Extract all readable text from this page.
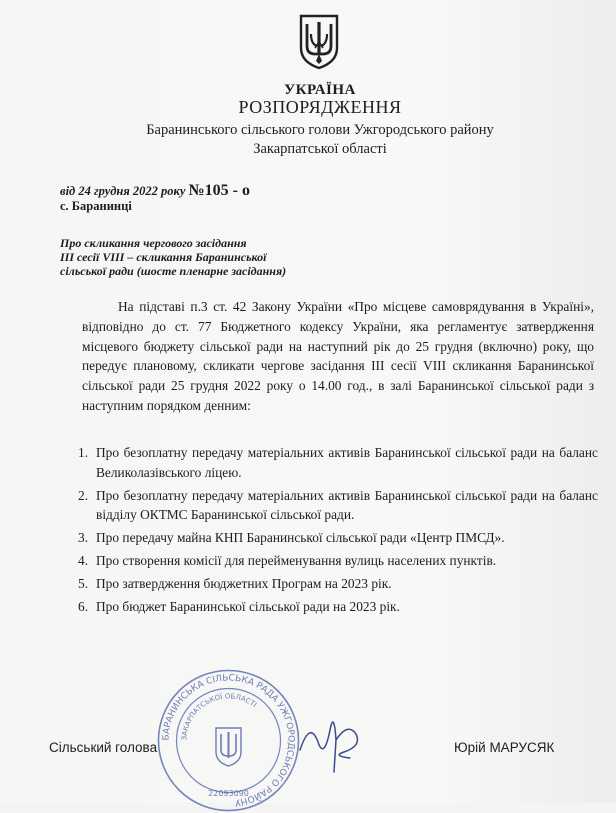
УКРАЇНА
РОЗПОРЯДЖЕННЯ
Баранинського сільського голови Ужгородського району
Закарпатської області
від 24 грудня 2022 року №105 - о
с. Баранинці
Про скликання чергового засідання
ІІІ сесії VІІІ – скликання Баранинської
сільської ради (шосте пленарне засідання)
На підставі п.3 ст. 42 Закону України «Про місцеве самоврядування в Україні», відповідно до ст. 77 Бюджетного кодексу України, яка регламентує затвердження місцевого бюджету сільської ради на наступний рік до 25 грудня (включно) року, що передує плановому, скликати чергове засідання ІІІ сесії VІІІ скликання Баранинської сільської ради 25 грудня 2022 року о 14.00 год., в залі Баранинської сільської ради з наступним порядком денним:
1. Про безоплатну передачу матеріальних активів Баранинської сільської ради на баланс Великолазівського ліцею.
2. Про безоплатну передачу матеріальних активів Баранинської сільської ради на баланс відділу ОКТМС Баранинської сільської ради.
3. Про передачу майна КНП Баранинської сільської ради «Центр ПМСД».
4. Про створення комісії для перейменування вулиць населених пунктів.
5. Про затвердження бюджетних Програм на 2023 рік.
6. Про бюджет Баранинської сільської ради на 2023 рік.
БАРАНИНСЬКА СІЛЬСЬКА РАДА УЖГОРОДСЬКОГО РАЙОНУ
ЗАКАРПАТСЬКОЇ ОБЛАСТІ
22093090
Сільський голова	Юрій МАРУСЯК
